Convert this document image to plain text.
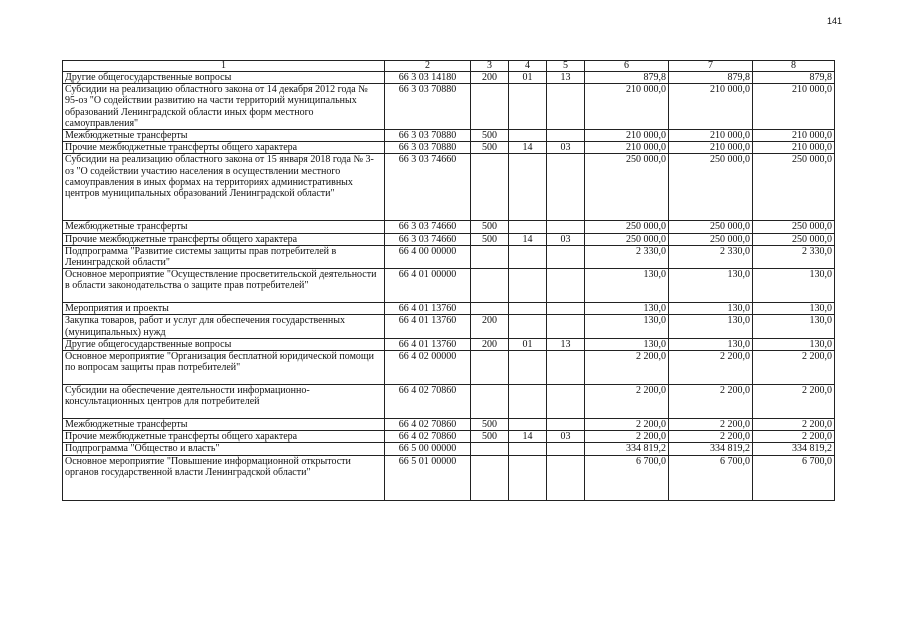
141
1	2	3	4	5	6	7	8
Другие общегосударственные вопросы	66 3 03 14180	200	01	13	879,8	879,8	879,8
Субсидии на реализацию областного закона от 14 декабря 2012 года № 95-оз "О содействии развитию на части территорий муниципальных образований Ленинградской области иных форм местного самоуправления"	66 3 03 70880				210 000,0	210 000,0	210 000,0
Межбюджетные трансферты	66 3 03 70880	500			210 000,0	210 000,0	210 000,0
Прочие межбюджетные трансферты общего характера	66 3 03 70880	500	14	03	210 000,0	210 000,0	210 000,0
Субсидии на реализацию областного закона от 15 января 2018 года № 3-оз "О содействии участию населения в осуществлении местного самоуправления в иных формах на территориях административных центров муниципальных образований Ленинградской области"	66 3 03 74660				250 000,0	250 000,0	250 000,0
Межбюджетные трансферты	66 3 03 74660	500			250 000,0	250 000,0	250 000,0
Прочие межбюджетные трансферты общего характера	66 3 03 74660	500	14	03	250 000,0	250 000,0	250 000,0
Подпрограмма "Развитие системы защиты прав потребителей в Ленинградской области"	66 4 00 00000				2 330,0	2 330,0	2 330,0
Основное мероприятие "Осуществление просветительской деятельности в области законодательства о защите прав потребителей"	66 4 01 00000				130,0	130,0	130,0
Мероприятия и проекты	66 4 01 13760				130,0	130,0	130,0
Закупка товаров, работ и услуг для обеспечения государственных (муниципальных) нужд	66 4 01 13760	200			130,0	130,0	130,0
Другие общегосударственные вопросы	66 4 01 13760	200	01	13	130,0	130,0	130,0
Основное мероприятие "Организация бесплатной юридической помощи по вопросам защиты прав потребителей"	66 4 02 00000				2 200,0	2 200,0	2 200,0
Субсидии на обеспечение деятельности информационно-консультационных центров для потребителей	66 4 02 70860				2 200,0	2 200,0	2 200,0
Межбюджетные трансферты	66 4 02 70860	500			2 200,0	2 200,0	2 200,0
Прочие межбюджетные трансферты общего характера	66 4 02 70860	500	14	03	2 200,0	2 200,0	2 200,0
Подпрограмма "Общество и власть"	66 5 00 00000				334 819,2	334 819,2	334 819,2
Основное мероприятие "Повышение информационной открытости органов государственной власти Ленинградской области"	66 5 01 00000				6 700,0	6 700,0	6 700,0
